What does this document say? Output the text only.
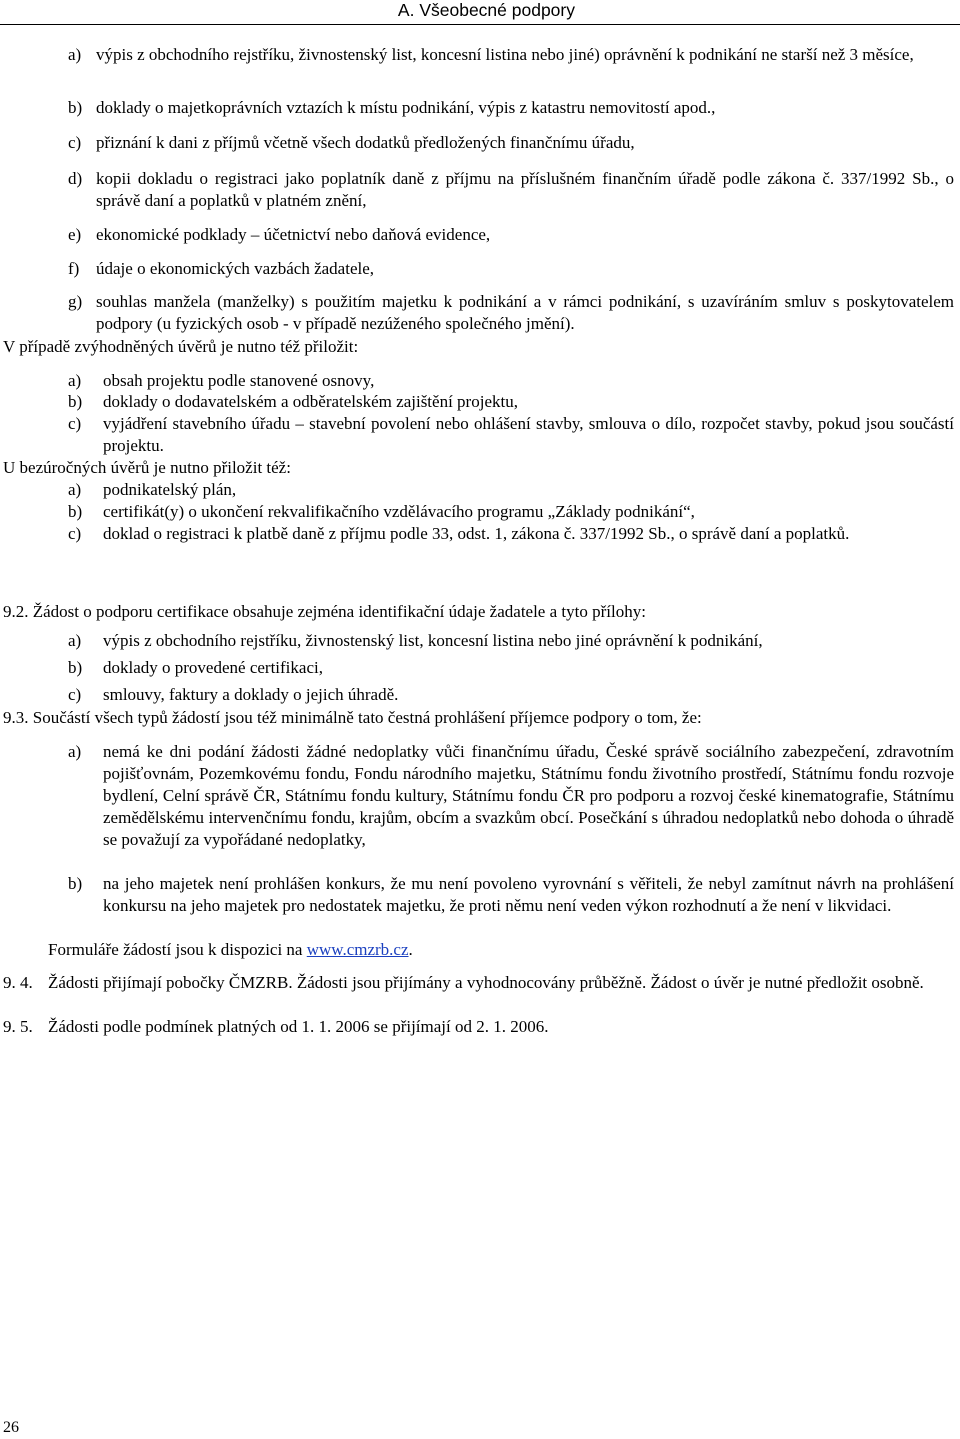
A. Všeobecné podpory
a) výpis z obchodního rejstříku, živnostenský list, koncesní listina nebo jiné) oprávnění k podnikání ne starší než 3 měsíce,
b) doklady o majetkoprávních vztazích k místu podnikání, výpis z katastru nemovitostí apod.,
c) přiznání k dani z příjmů včetně všech dodatků předložených finančnímu úřadu,
d) kopii dokladu o registraci jako poplatník daně z příjmu na příslušném finančním úřadě podle zákona č. 337/1992 Sb., o správě daní a poplatků v platném znění,
e) ekonomické podklady – účetnictví nebo daňová evidence,
f) údaje o ekonomických vazbách žadatele,
g) souhlas manžela (manželky) s použitím majetku k podnikání a v rámci podnikání, s uzavíráním smluv s poskytovatelem podpory (u fyzických osob - v případě nezúženého společného jmění).
V případě zvýhodněných úvěrů je nutno též přiložit:
a) obsah projektu podle stanovené osnovy,
b) doklady o dodavatelském a odběratelském zajištění projektu,
c) vyjádření stavebního úřadu – stavební povolení nebo ohlášení stavby, smlouva o dílo, rozpočet stavby, pokud jsou součástí projektu.
U bezúročných úvěrů je nutno přiložit též:
a) podnikatelský plán,
b) certifikát(y) o ukončení rekvalifikačního vzdělávacího programu „Základy podnikání“,
c) doklad o registraci k platbě daně z příjmu podle 33, odst. 1, zákona č. 337/1992 Sb., o správě daní a poplatků.
9.2. Žádost o podporu certifikace obsahuje zejména identifikační údaje žadatele a tyto přílohy:
a) výpis z obchodního rejstříku, živnostenský list, koncesní listina nebo jiné oprávnění k podnikání,
b) doklady o provedené certifikaci,
c) smlouvy, faktury a doklady o jejich úhradě.
9.3. Součástí všech typů žádostí jsou též minimálně tato čestná prohlášení příjemce podpory o tom, že:
a) nemá ke dni podání žádosti žádné nedoplatky vůči finančnímu úřadu, České správě sociálního zabezpečení, zdravotním pojišťovnám, Pozemkovému fondu, Fondu národního majetku, Státnímu fondu životního prostředí, Státnímu fondu rozvoje bydlení, Celní správě ČR, Státnímu fondu kultury, Státnímu fondu ČR pro podporu a rozvoj české kinematografie, Státnímu zemědělskému intervenčnímu fondu, krajům, obcím a svazkům obcí. Posečkání s úhradou nedoplatků nebo dohoda o úhradě se považují za vypořádané nedoplatky,
b) na jeho majetek není prohlášen konkurs, že mu není povoleno vyrovnání s věřiteli, že nebyl zamítnut návrh na prohlášení konkursu na jeho majetek pro nedostatek majetku, že proti němu není veden výkon rozhodnutí a že není v likvidaci.
Formuláře žádostí jsou k dispozici na www.cmzrb.cz.
9. 4. Žádosti přijímají pobočky ČMZRB. Žádosti jsou přijímány a vyhodnocovány průběžně. Žádost o úvěr je nutné předložit osobně.
9. 5. Žádosti podle podmínek platných od 1. 1. 2006 se přijímají od 2. 1. 2006.
26
